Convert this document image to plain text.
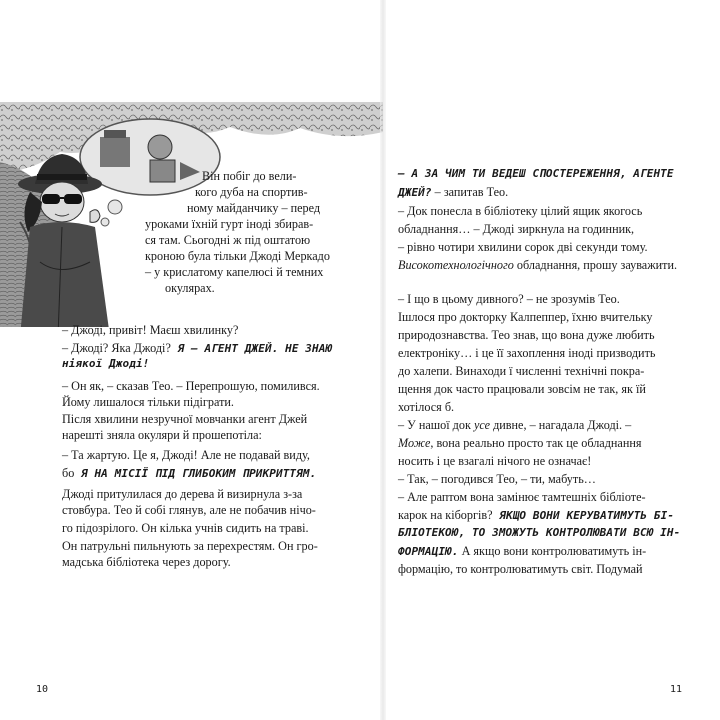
Він побіг до вели-
кого дуба на спортив-
ному майданчику – перед
уроками їхній гурт іноді збирав-
ся там. Сьогодні ж під оштатою
кроною була тільки Джоді Меркадо
– у крислатому капелюсі й темних
окулярах.
– Джоді, привіт! Маєш хвилинку?
– Джоді? Яка Джоді? Я — АГЕНТ ДЖЕЙ. НЕ ЗНАЮ
ніякої Джоді!
– Он як, – сказав Тео. – Перепрошую, помилився.
Йому лишалося тільки підіграти.
Після хвилини незручної мовчанки агент Джей
нарешті зняла окуляри й прошепотіла:
– Та жартую. Це я, Джоді! Але не подавай виду,
бо Я НА МІСІЇ ПІД ГЛИБОКИМ ПРИКРИТТЯМ.
Джоді притулилася до дерева й визирнула з-за
стовбура. Тео й собі глянув, але не побачив нічо-
го підозрілого. Он кілька учнів сидить на траві.
Он патрульні пильнують за перехрестям. Он гро-
мадська бібліотека через дорогу.
10
– А ЗА ЧИМ ТИ ВЕДЕШ СПОСТЕРЕЖЕННЯ, АГЕНТЕ
ДЖЕЙ? – запитав Тео.
– Док понесла в бібліотеку цілий ящик якогось
обладнання… – Джоді зиркнула на годинник,
– рівно чотири хвилини сорок дві секунди тому.
Високотехнологічного обладнання, прошу зауважити.
– І що в цьому дивного? – не зрозумів Тео.
Ішлося про докторку Калпеппер, їхню вчительку
природознавства. Тео знав, що вона дуже любить
електроніку… і це її захоплення іноді призводить
до халепи. Винаходи ї численні технічні покра-
щення док часто працювали зовсім не так, як їй
хотілося б.
– У нашої док усе дивне, – нагадала Джоді. –
Може, вона реально просто так це обладнання
носить і це взагалі нічого не означає!
– Так, – погодився Тео, – ти, мабуть…
– Але раптом вона замінює тамтешніх бібліоте-
карок на кіборгів? ЯКЩО ВОНИ КЕРУВАТИМУТЬ БІ-
БЛІОТЕКОЮ, ТО ЗМОЖУТЬ КОНТРОЛЮВАТИ ВСЮ ІН-
ФОРМАЦІЮ. А якщо вони контролюватимуть ін-
формацію, то контролюватимуть світ. Подумай
11
